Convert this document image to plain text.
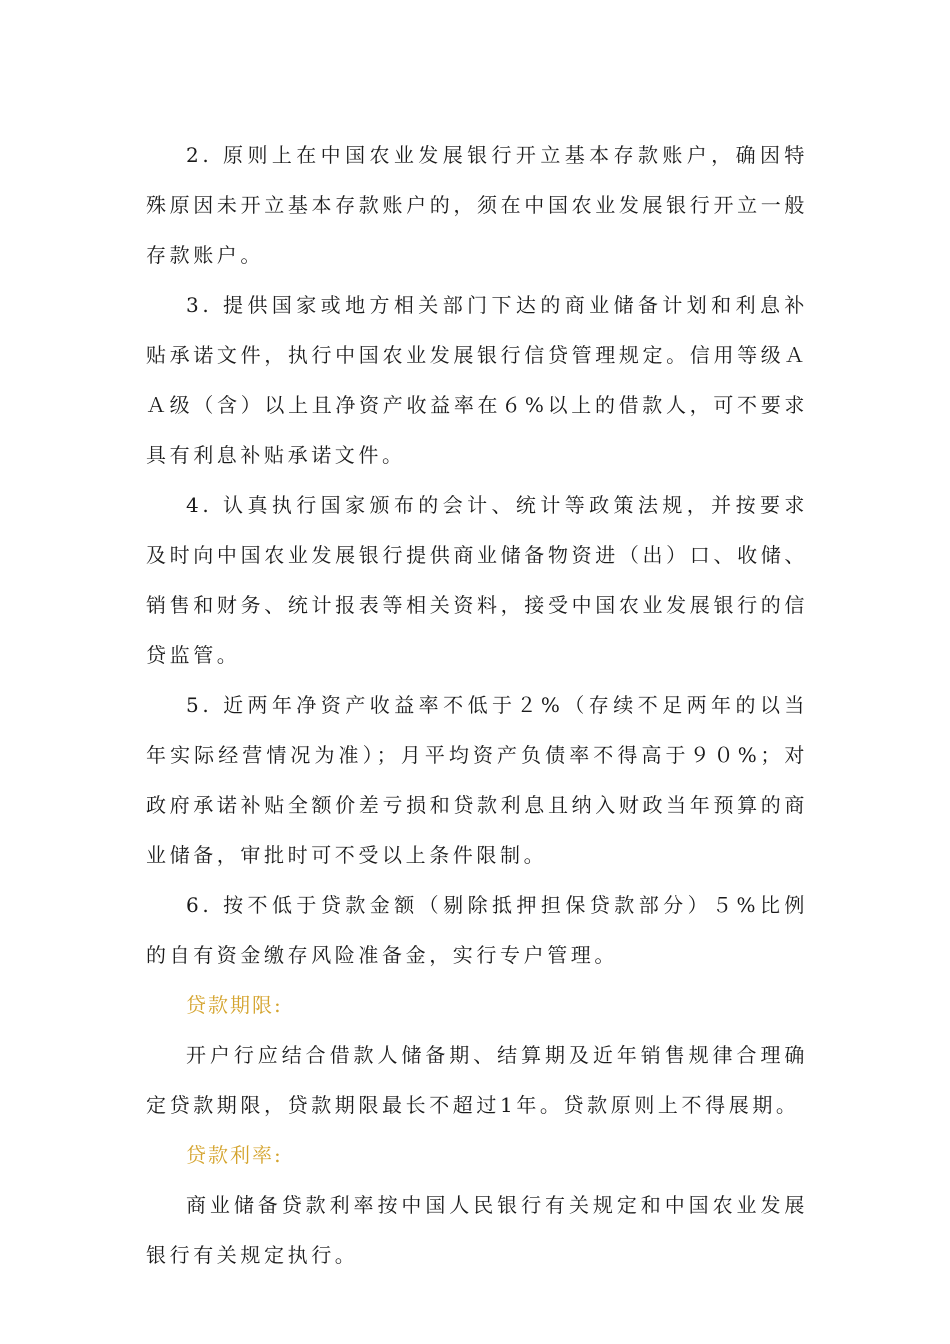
2. 原则上在中国农业发展银行开立基本存款账户，确因特殊原因未开立基本存款账户的，须在中国农业发展银行开立一般存款账户。

3. 提供国家或地方相关部门下达的商业储备计划和利息补贴承诺文件，执行中国农业发展银行信贷管理规定。信用等级ＡＡ级（含）以上且净资产收益率在６%以上的借款人，可不要求具有利息补贴承诺文件。

4. 认真执行国家颁布的会计、统计等政策法规，并按要求及时向中国农业发展银行提供商业储备物资进（出）口、收储、销售和财务、统计报表等相关资料，接受中国农业发展银行的信贷监管。

5. 近两年净资产收益率不低于２%（存续不足两年的以当年实际经营情况为准）；月平均资产负债率不得高于９０%；对政府承诺补贴全额价差亏损和贷款利息且纳入财政当年预算的商业储备，审批时可不受以上条件限制。

6. 按不低于贷款金额（剔除抵押担保贷款部分）５%比例的自有资金缴存风险准备金，实行专户管理。

贷款期限:

开户行应结合借款人储备期、结算期及近年销售规律合理确定贷款期限，贷款期限最长不超过1年。贷款原则上不得展期。

贷款利率:

商业储备贷款利率按中国人民银行有关规定和中国农业发展银行有关规定执行。
